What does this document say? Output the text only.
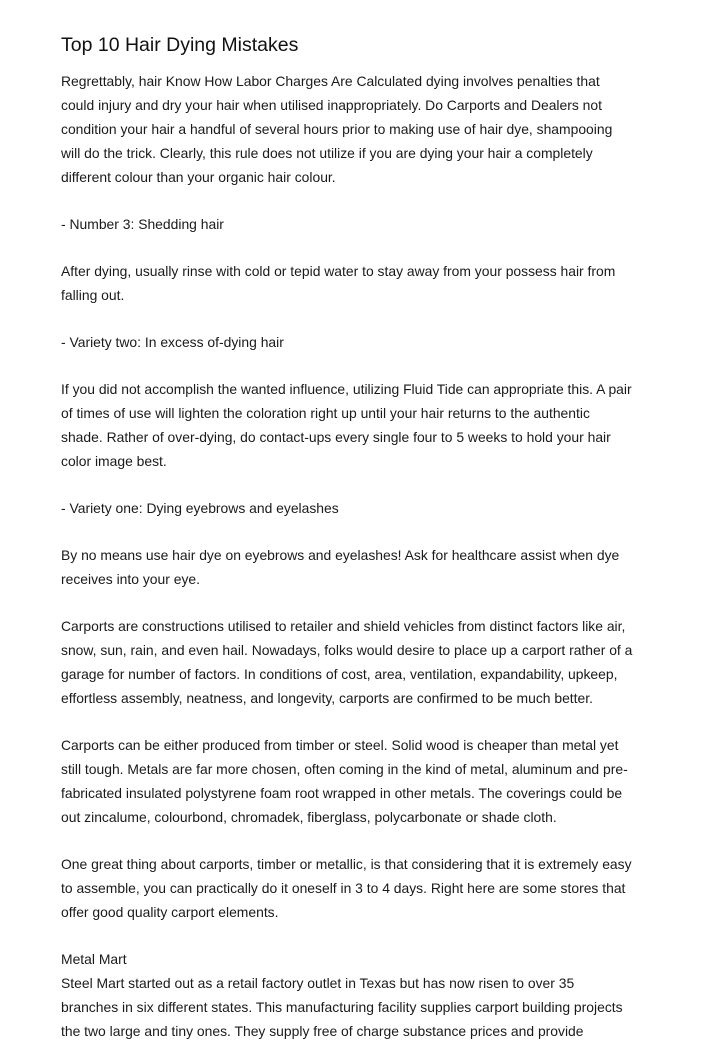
Top 10 Hair Dying Mistakes
Regrettably, hair Know How Labor Charges Are Calculated dying involves penalties that
could injury and dry your hair when utilised inappropriately. Do Carports and Dealers not
condition your hair a handful of several hours prior to making use of hair dye, shampooing
will do the trick. Clearly, this rule does not utilize if you are dying your hair a completely
different colour than your organic hair colour.
- Number 3: Shedding hair
After dying, usually rinse with cold or tepid water to stay away from your possess hair from
falling out.
- Variety two: In excess of-dying hair
If you did not accomplish the wanted influence, utilizing Fluid Tide can appropriate this. A pair
of times of use will lighten the coloration right up until your hair returns to the authentic
shade. Rather of over-dying, do contact-ups every single four to 5 weeks to hold your hair
color image best.
- Variety one: Dying eyebrows and eyelashes
By no means use hair dye on eyebrows and eyelashes! Ask for healthcare assist when dye
receives into your eye.
Carports are constructions utilised to retailer and shield vehicles from distinct factors like air,
snow, sun, rain, and even hail. Nowadays, folks would desire to place up a carport rather of a
garage for number of factors. In conditions of cost, area, ventilation, expandability, upkeep,
effortless assembly, neatness, and longevity, carports are confirmed to be much better.
Carports can be either produced from timber or steel. Solid wood is cheaper than metal yet
still tough. Metals are far more chosen, often coming in the kind of metal, aluminum and pre-
fabricated insulated polystyrene foam root wrapped in other metals. The coverings could be
out zincalume, colourbond, chromadek, fiberglass, polycarbonate or shade cloth.
One great thing about carports, timber or metallic, is that considering that it is extremely easy
to assemble, you can practically do it oneself in 3 to 4 days. Right here are some stores that
offer good quality carport elements.
Metal Mart
Steel Mart started out as a retail factory outlet in Texas but has now risen to over 35
branches in six different states. This manufacturing facility supplies carport building projects
the two large and tiny ones. They supply free of charge substance prices and provide
